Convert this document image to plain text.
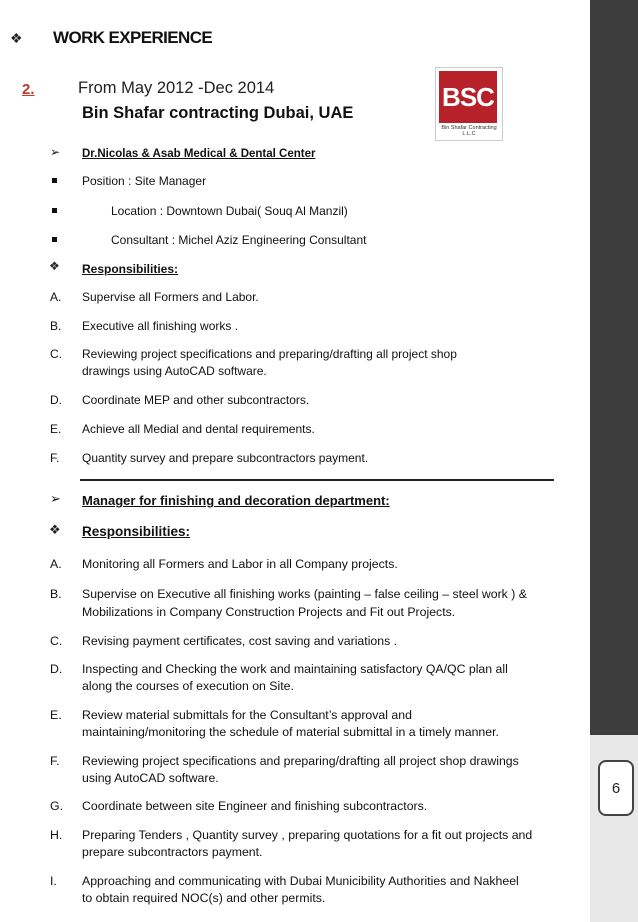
6
❖ WORK EXPERIENCE
2.	From May 2012 -Dec 2014
Bin Shafar contracting Dubai, UAE
BSC
Bin Shafar Contracting L.L.C
➢ Dr.Nicolas & Asab Medical & Dental Center
Position : Site Manager
Location : Downtown Dubai( Souq Al Manzil)
Consultant : Michel Aziz Engineering Consultant
❖ Responsibilities:
A. Supervise all Formers and Labor.
B. Executive all finishing works .
C. Reviewing project specifications and preparing/drafting all project shop
drawings using AutoCAD software.
D. Coordinate MEP and other subcontractors.
E. Achieve all Medial and dental requirements.
F. Quantity survey and prepare subcontractors payment.
➢ Manager for finishing and decoration department:
❖ Responsibilities:
A. Monitoring all Formers and Labor in all Company projects.
B. Supervise on Executive all finishing works (painting – false ceiling – steel work ) &
Mobilizations in Company Construction Projects and Fit out Projects.
C. Revising payment certificates, cost saving and variations .
D. Inspecting and Checking the work and maintaining satisfactory QA/QC plan all
along the courses of execution on Site.
E. Review material submittals for the Consultant’s approval and
maintaining/monitoring the schedule of material submittal in a timely manner.
F. Reviewing project specifications and preparing/drafting all project shop drawings
using AutoCAD software.
G. Coordinate between site Engineer and finishing subcontractors.
H. Preparing Tenders , Quantity survey , preparing quotations for a fit out projects and
prepare subcontractors payment.
I. Approaching and communicating with Dubai Municibility Authorities and Nakheel
to obtain required NOC(s) and other permits.
